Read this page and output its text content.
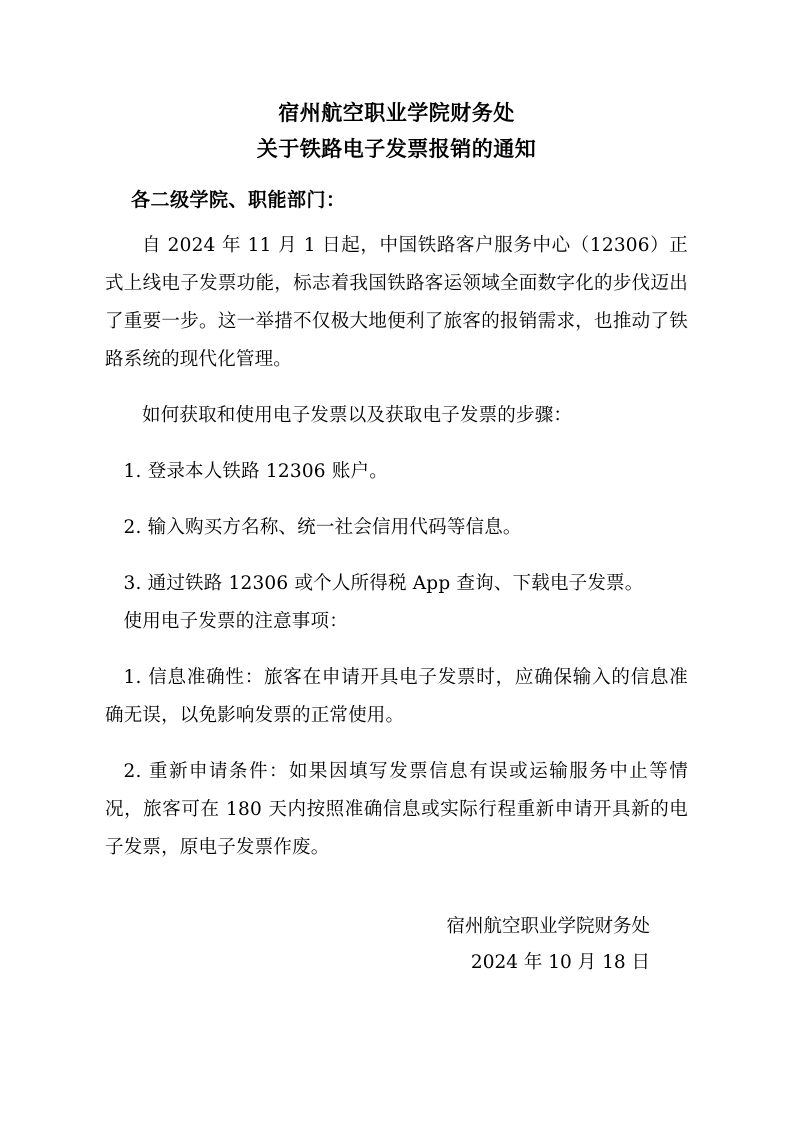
宿州航空职业学院财务处
关于铁路电子发票报销的通知
各二级学院、职能部门：

自 2024 年 11 月 1 日起，中国铁路客户服务中心（12306）正式上线电子发票功能，标志着我国铁路客运领域全面数字化的步伐迈出了重要一步。这一举措不仅极大地便利了旅客的报销需求，也推动了铁路系统的现代化管理。

如何获取和使用电子发票以及获取电子发票的步骤：

1. 登录本人铁路 12306 账户。

2. 输入购买方名称、统一社会信用代码等信息。

3. 通过铁路 12306 或个人所得税 App 查询、下载电子发票。

使用电子发票的注意事项：

1. 信息准确性：旅客在申请开具电子发票时，应确保输入的信息准确无误，以免影响发票的正常使用。

2. 重新申请条件：如果因填写发票信息有误或运输服务中止等情况，旅客可在 180 天内按照准确信息或实际行程重新申请开具新的电子发票，原电子发票作废。

宿州航空职业学院财务处
2024 年 10 月 18 日
